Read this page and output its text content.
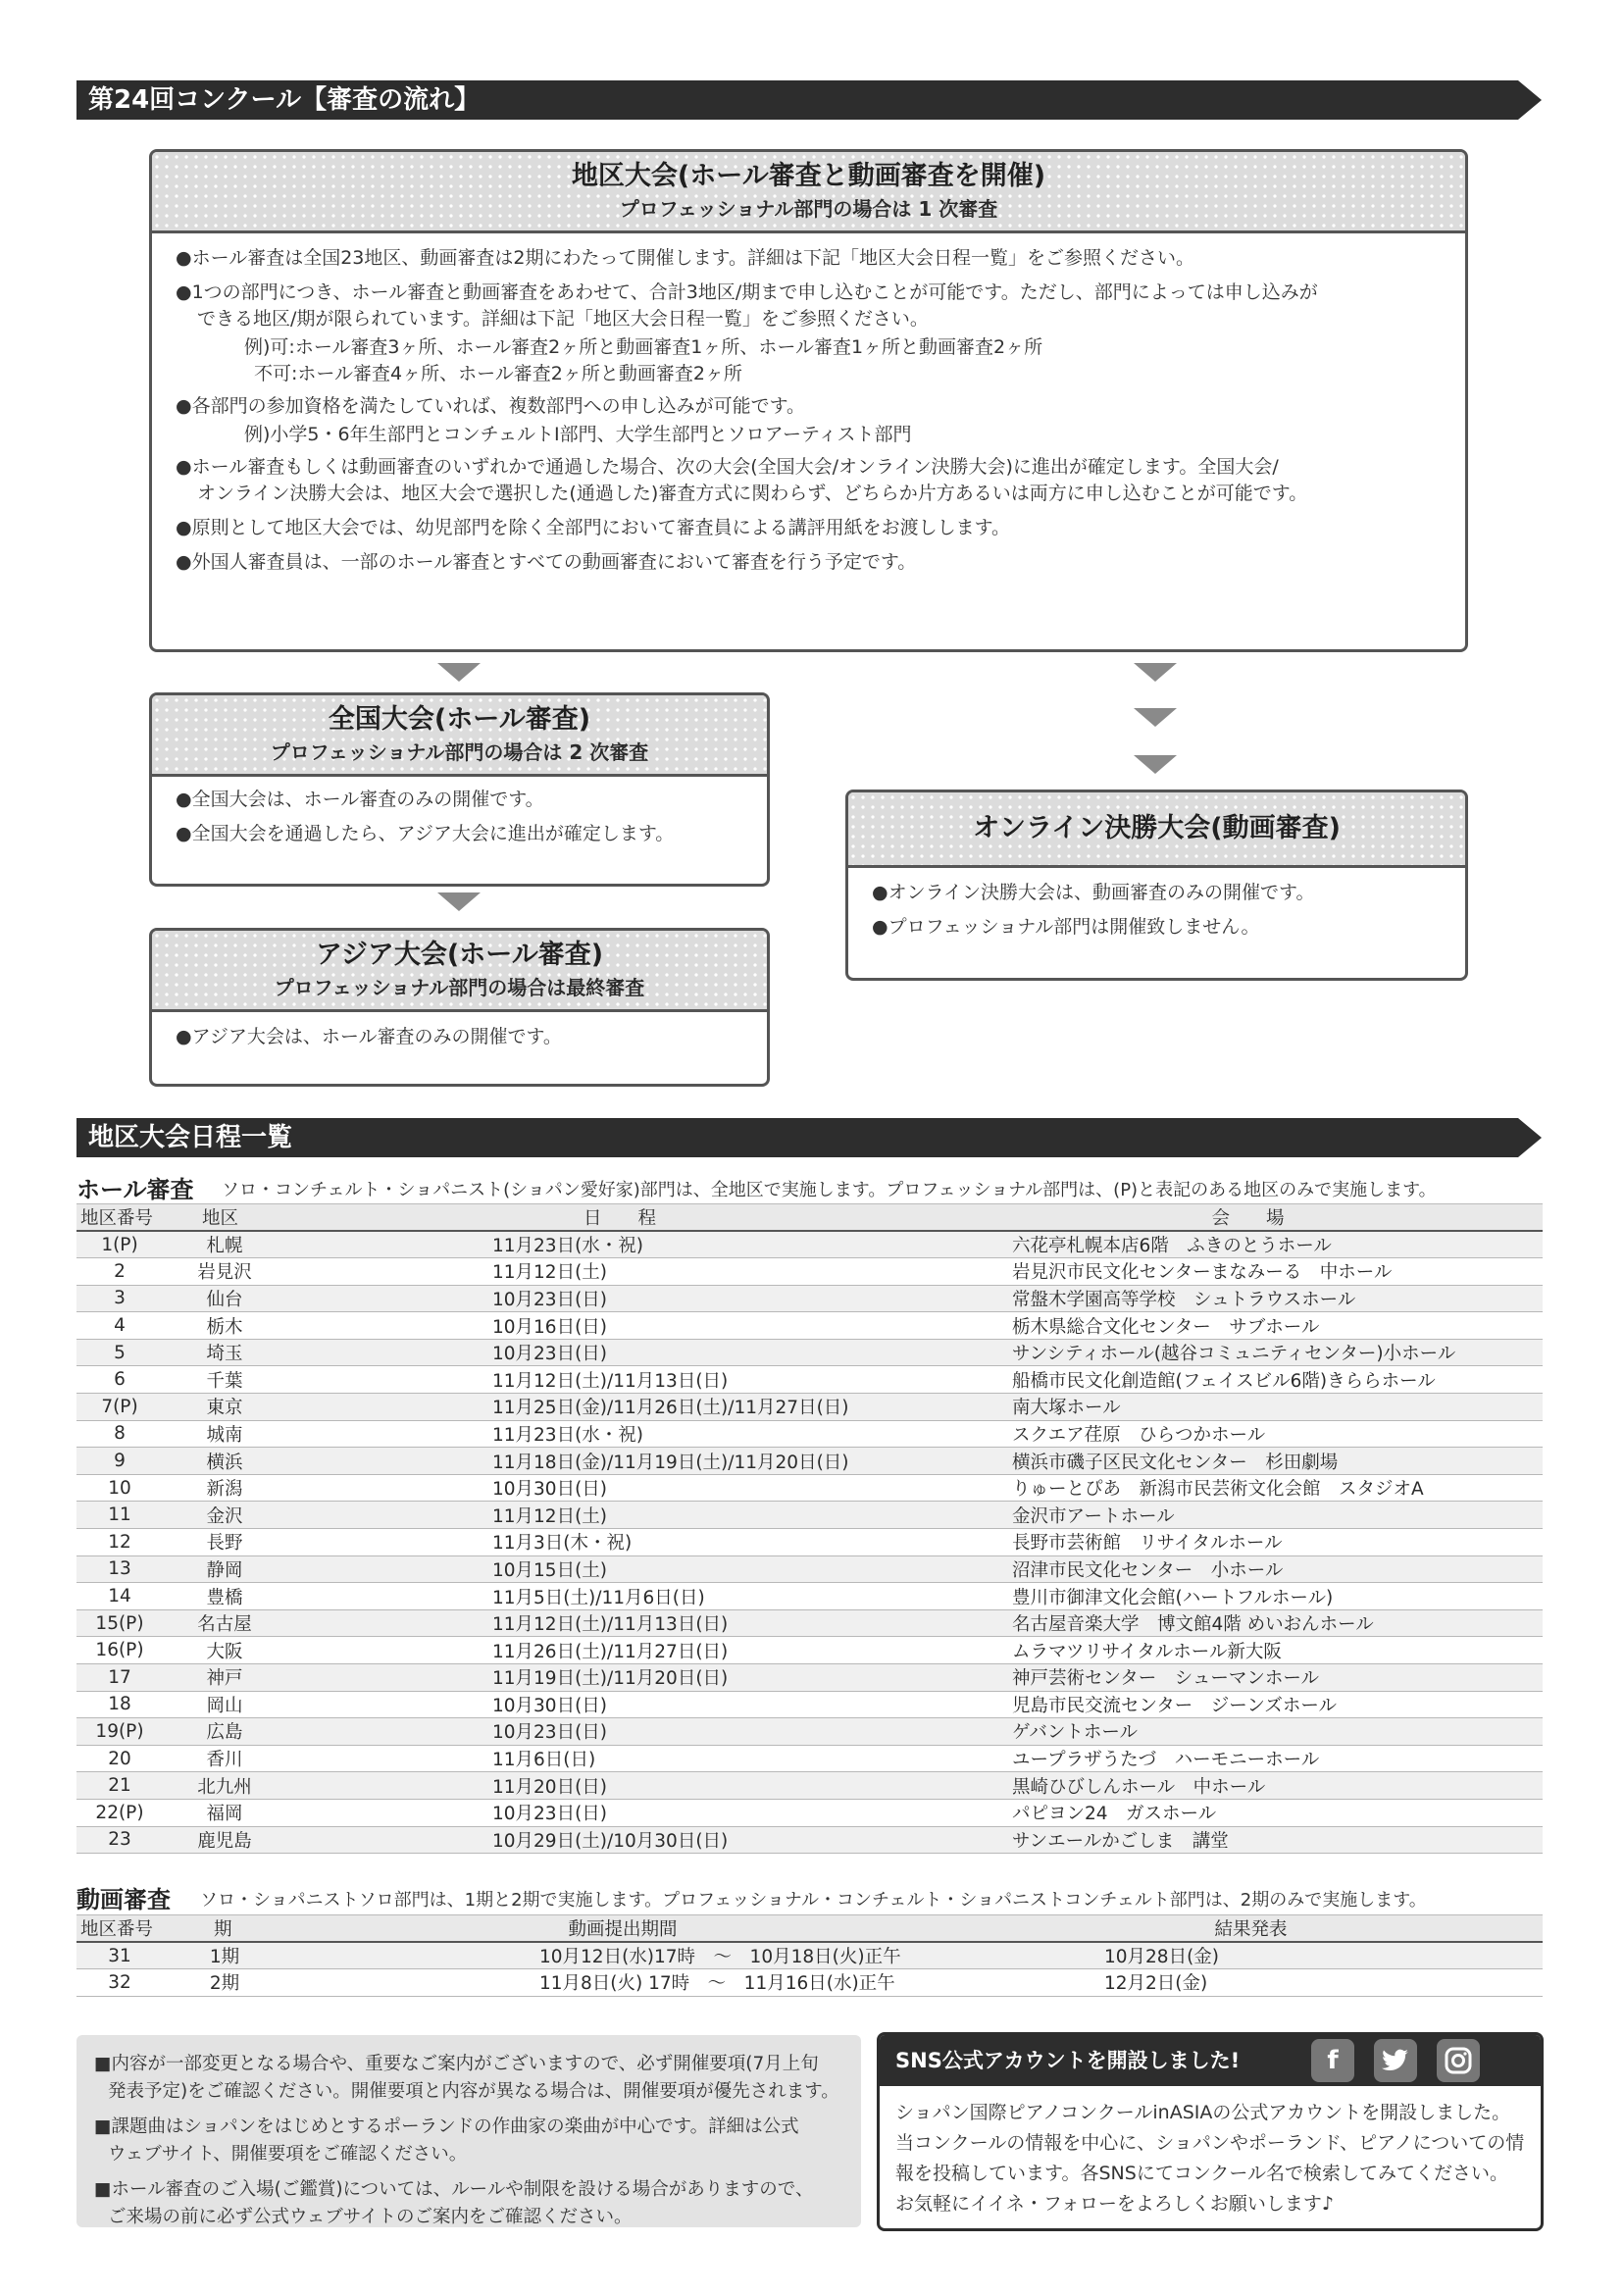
第24回コンクール【審査の流れ】
地区大会(ホール審査と動画審査を開催)
プロフェッショナル部門の場合は 1 次審査

●ホール審査は全国23地区、動画審査は2期にわたって開催します。詳細は下記「地区大会日程一覧」をご参照ください。

●1つの部門につき、ホール審査と動画審査をあわせて、合計3地区/期まで申し込むことが可能です。ただし、部門によっては申し込みが

できる地区/期が限られています。詳細は下記「地区大会日程一覧」をご参照ください。

例)可:ホール審査3ヶ所、ホール審査2ヶ所と動画審査1ヶ所、ホール審査1ヶ所と動画審査2ヶ所
不可:ホール審査4ヶ所、ホール審査2ヶ所と動画審査2ヶ所

●各部門の参加資格を満たしていれば、複数部門への申し込みが可能です。

例)小学5・6年生部門とコンチェルトⅠ部門、大学生部門とソロアーティスト部門

●ホール審査もしくは動画審査のいずれかで通過した場合、次の大会(全国大会/オンライン決勝大会)に進出が確定します。全国大会/

オンライン決勝大会は、地区大会で選択した(通過した)審査方式に関わらず、どちらか片方あるいは両方に申し込むことが可能です。

●原則として地区大会では、幼児部門を除く全部門において審査員による講評用紙をお渡しします。

●外国人審査員は、一部のホール審査とすべての動画審査において審査を行う予定です。

全国大会(ホール審査)
プロフェッショナル部門の場合は 2 次審査

●全国大会は、ホール審査のみの開催です。

●全国大会を通過したら、アジア大会に進出が確定します。

アジア大会(ホール審査)
プロフェッショナル部門の場合は最終審査

●アジア大会は、ホール審査のみの開催です。

オンライン決勝大会(動画審査)

●オンライン決勝大会は、動画審査のみの開催です。

●プロフェッショナル部門は開催致しません。

地区大会日程一覧
ホール審査 ソロ・コンチェルト・ショパニスト(ショパン愛好家)部門は、全地区で実施します。プロフェッショナル部門は、(P)と表記のある地区のみで実施します。
地区番号	地区	日　　程	会　　場
1(P)	札幌	11月23日(水・祝)	六花亭札幌本店6階　ふきのとうホール
2	岩見沢	11月12日(土)	岩見沢市民文化センターまなみーる　中ホール
3	仙台	10月23日(日)	常盤木学園高等学校　シュトラウスホール
4	栃木	10月16日(日)	栃木県総合文化センター　サブホール
5	埼玉	10月23日(日)	サンシティホール(越谷コミュニティセンター)小ホール
6	千葉	11月12日(土)/11月13日(日)	船橋市民文化創造館(フェイスビル6階)きららホール
7(P)	東京	11月25日(金)/11月26日(土)/11月27日(日)	南大塚ホール
8	城南	11月23日(水・祝)	スクエア荏原　ひらつかホール
9	横浜	11月18日(金)/11月19日(土)/11月20日(日)	横浜市磯子区民文化センター　杉田劇場
10	新潟	10月30日(日)	りゅーとぴあ　新潟市民芸術文化会館　スタジオA
11	金沢	11月12日(土)	金沢市アートホール
12	長野	11月3日(木・祝)	長野市芸術館　リサイタルホール
13	静岡	10月15日(土)	沼津市民文化センター　小ホール
14	豊橋	11月5日(土)/11月6日(日)	豊川市御津文化会館(ハートフルホール)
15(P)	名古屋	11月12日(土)/11月13日(日)	名古屋音楽大学　博文館4階 めいおんホール
16(P)	大阪	11月26日(土)/11月27日(日)	ムラマツリサイタルホール新大阪
17	神戸	11月19日(土)/11月20日(日)	神戸芸術センター　シューマンホール
18	岡山	10月30日(日)	児島市民交流センター　ジーンズホール
19(P)	広島	10月23日(日)	ゲバントホール
20	香川	11月6日(日)	ユープラザうたづ　ハーモニーホール
21	北九州	11月20日(日)	黒崎ひびしんホール　中ホール
22(P)	福岡	10月23日(日)	パピヨン24　ガスホール
23	鹿児島	10月29日(土)/10月30日(日)	サンエールかごしま　講堂
動画審査 ソロ・ショパニストソロ部門は、1期と2期で実施します。プロフェッショナル・コンチェルト・ショパニストコンチェルト部門は、2期のみで実施します。
地区番号	期	動画提出期間	結果発表
31	1期	10月12日(水)17時　～　10月18日(火)正午	10月28日(金)
32	2期	11月8日(火) 17時　～　11月16日(水)正午	12月2日(金)

■内容が一部変更となる場合や、重要なご案内がございますので、必ず開催要項(7月上旬

発表予定)をご確認ください。開催要項と内容が異なる場合は、開催要項が優先されます。

■課題曲はショパンをはじめとするポーランドの作曲家の楽曲が中心です。詳細は公式

ウェブサイト、開催要項をご確認ください。

■ホール審査のご入場(ご鑑賞)については、ルールや制限を設ける場合がありますので、

ご来場の前に必ず公式ウェブサイトのご案内をご確認ください。

SNS公式アカウントを開設しました!	f
ショパン国際ピアノコンクールinASIAの公式アカウントを開設しました。
当コンクールの情報を中心に、ショパンやポーランド、ピアノについての情
報を投稿しています。各SNSにてコンクール名で検索してみてください。
お気軽にイイネ・フォローをよろしくお願いします♪
